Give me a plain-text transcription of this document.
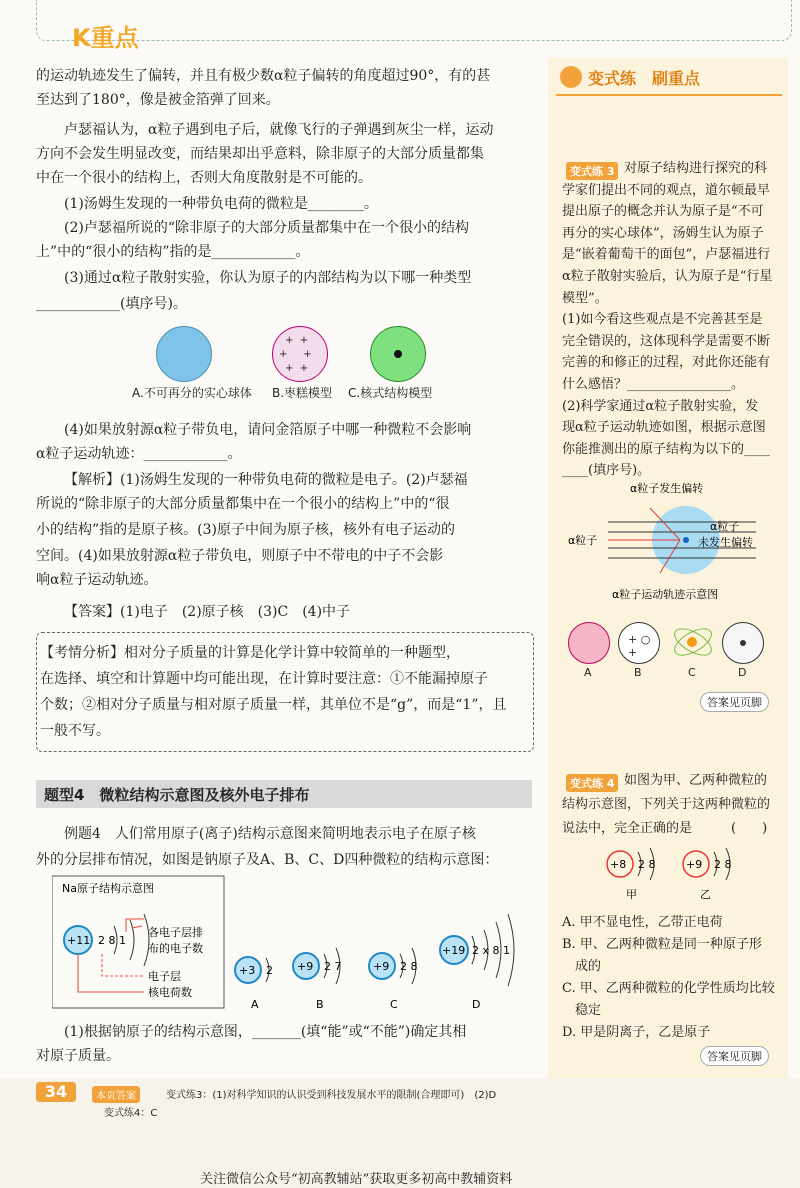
K重点
的运动轨迹发生了偏转，并且有极少数α粒子偏转的角度超过90°，有的甚
至达到了180°，像是被金箔弹了回来。
卢瑟福认为，α粒子遇到电子后，就像飞行的子弹遇到灰尘一样，运动
方向不会发生明显改变，而结果却出乎意料，除非原子的大部分质量都集
中在一个很小的结构上，否则大角度散射是不可能的。
(1)汤姆生发现的一种带负电荷的微粒是________。
(2)卢瑟福所说的“除非原子的大部分质量都集中在一个很小的结构
上”中的“很小的结构”指的是____________。
(3)通过α粒子散射实验，你认为原子的内部结构为以下哪一种类型
____________(填序号)。
(4)如果放射源α粒子带负电，请问金箔原子中哪一种微粒不会影响
α粒子运动轨迹：____________。
【解析】(1)汤姆生发现的一种带负电荷的微粒是电子。(2)卢瑟福
所说的“除非原子的大部分质量都集中在一个很小的结构上”中的“很
小的结构”指的是原子核。(3)原子中间为原子核，核外有电子运动的
空间。(4)如果放射源α粒子带负电，则原子中不带电的中子不会影
响α粒子运动轨迹。
【答案】(1)电子　(2)原子核　(3)C　(4)中子
【考情分析】相对分子质量的计算是化学计算中较简单的一种题型，
在选择、填空和计算题中均可能出现，在计算时要注意：①不能漏掉原子
个数；②相对分子质量与相对原子质量一样，其单位不是“g”，而是“1”，且
一般不写。
例题4　人们常用原子(离子)结构示意图来简明地表示电子在原子核
外的分层排布情况，如图是钠原子及A、B、C、D四种微粒的结构示意图：
(1)根据钠原子的结构示意图，_______(填“能”或“不能”)确定其相
对原子质量。
+  +
+     +
+  +
A.不可再分的实心球体 B.枣糕模型	C.核式结构模型
题型4　微粒结构示意图及核外电子排布
Na原子结构示意图
+11 2 8 1
各电子层排
布的电子数
电子层
核电荷数
+3 2
A
+9 2 7
B
+9 2 8
C
+19 2 x 8 1
D
变式练　刷重点
变式练 3 对原子结构进行探究的科
学家们提出不同的观点，道尔顿最早
提出原子的概念并认为原子是“不可
再分的实心球体”，汤姆生认为原子
是“嵌着葡萄干的面包”，卢瑟福进行
α粒子散射实验后，认为原子是“行星
模型”。
(1)如今看这些观点是不完善甚至是
完全错误的，这体现科学是需要不断
完善的和修正的过程，对此你还能有
什么感悟？________________。
(2)科学家通过α粒子散射实验，发
现α粒子运动轨迹如图，根据示意图
你能推测出的原子结构为以下的____
____(填序号)。
变式练 4 如图为甲、乙两种微粒的
结构示意图，下列关于这两种微粒的
说法中，完全正确的是　　　(　　)
A. 甲不显电性，乙带正电荷
B. 甲、乙两种微粒是同一种原子形
　成的
C. 甲、乙两种微粒的化学性质均比较
　稳定
D. 甲是阴离子，乙是原子
α粒子发生偏转
α粒子
α粒子
未发生偏转
α粒子运动轨迹示意图
+ ○ +
A	B	C	D
答案见页脚
+8 2 8
甲
+9 2 8
乙
答案见页脚
34	本页答案	变式练3：(1)对科学知识的认识受到科技发展水平的限制(合理即可)　(2)D
变式练4：C
关注微信公众号“初高教辅站”获取更多初高中教辅资料
